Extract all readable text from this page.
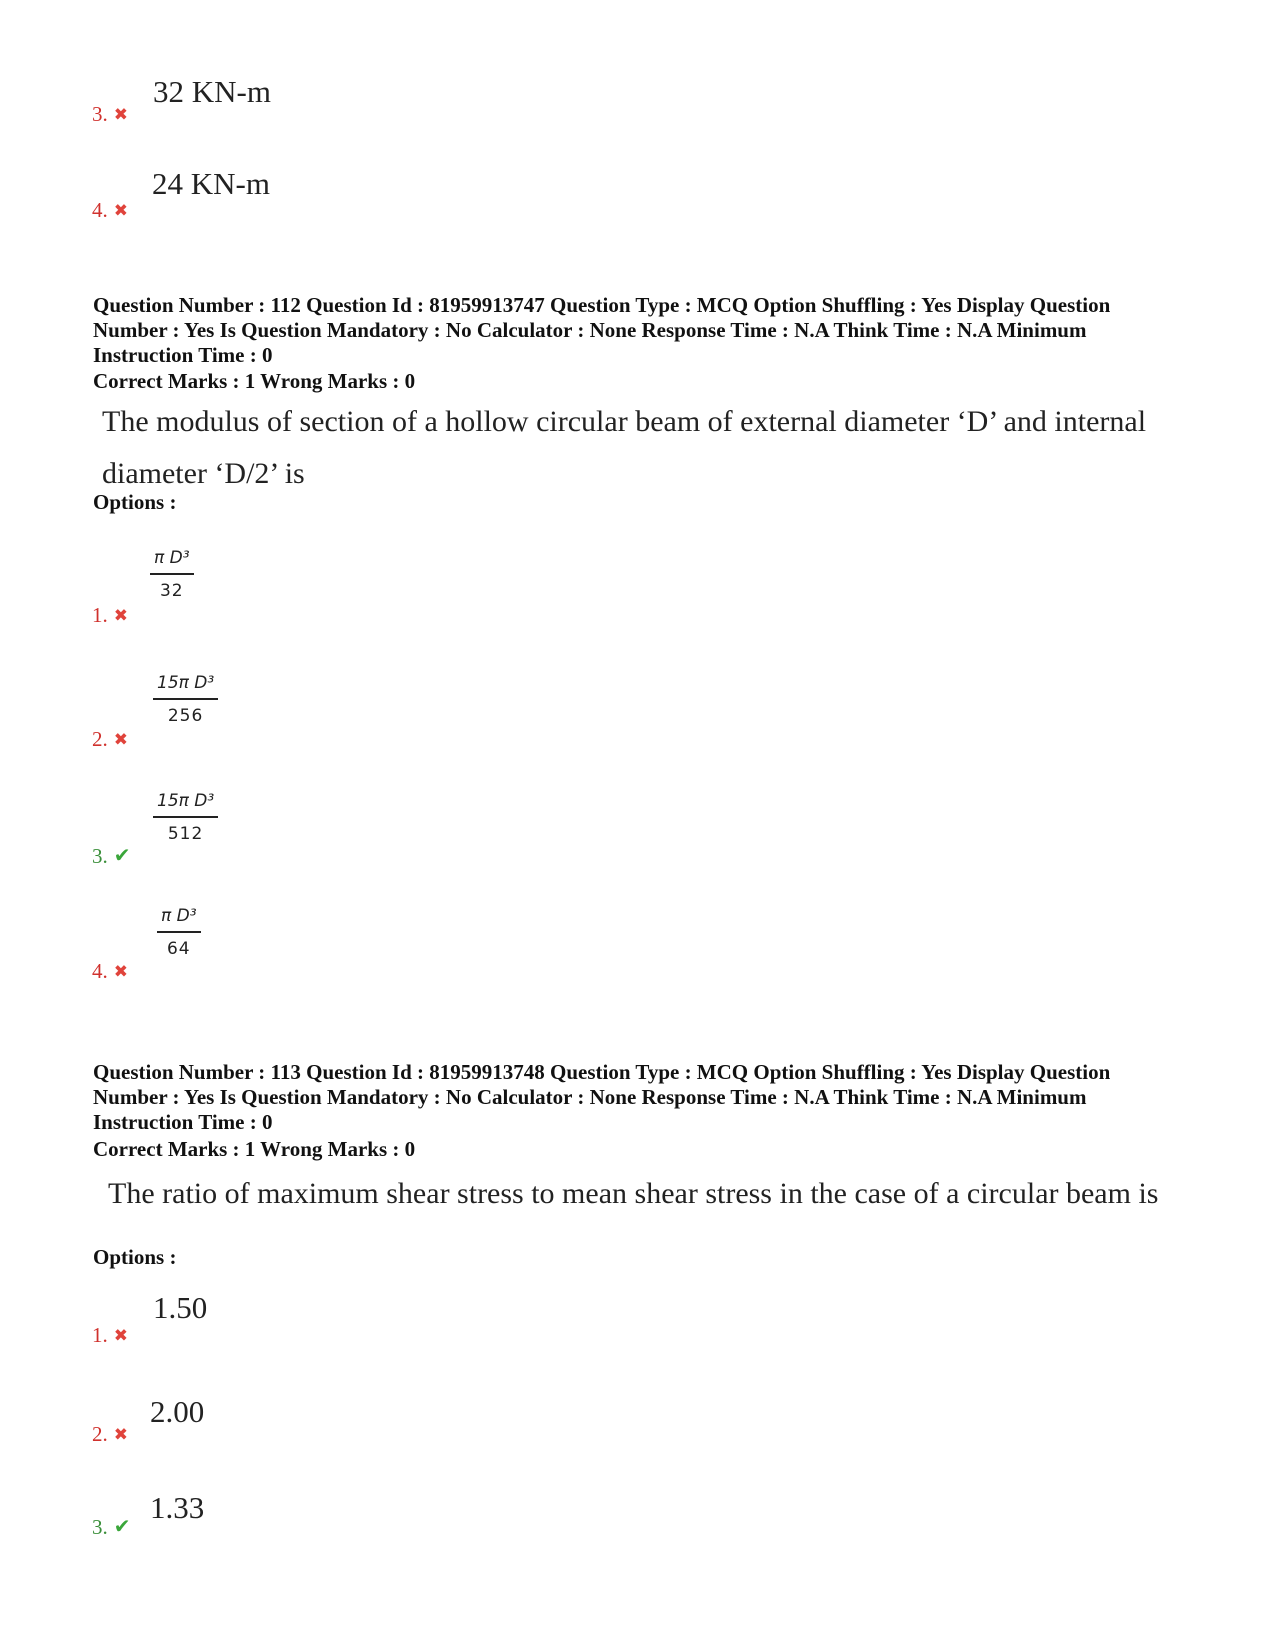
32 KN-m
3. ✖
24 KN-m
4. ✖
Question Number : 112 Question Id : 81959913747 Question Type : MCQ Option Shuffling : Yes Display Question Number : Yes Is Question Mandatory : No Calculator : None Response Time : N.A Think Time : N.A Minimum Instruction Time : 0
Correct Marks : 1 Wrong Marks : 0
The modulus of section of a hollow circular beam of external diameter ‘D’ and internal
diameter ‘D/2’ is
Options :
$\frac{\text{π D³}}{32}$
1. ✖
$\frac{\text{15π D³}}{256}$
2. ✖
$\frac{\text{15π D³}}{512}$
3. ✔
$\frac{\text{π D³}}{64}$
4. ✖
Question Number : 113 Question Id : 81959913748 Question Type : MCQ Option Shuffling : Yes Display Question Number : Yes Is Question Mandatory : No Calculator : None Response Time : N.A Think Time : N.A Minimum Instruction Time : 0
Correct Marks : 1 Wrong Marks : 0
The ratio of maximum shear stress to mean shear stress in the case of a circular beam is
Options :
1.50
1. ✖
2.00
2. ✖
1.33
3. ✔
